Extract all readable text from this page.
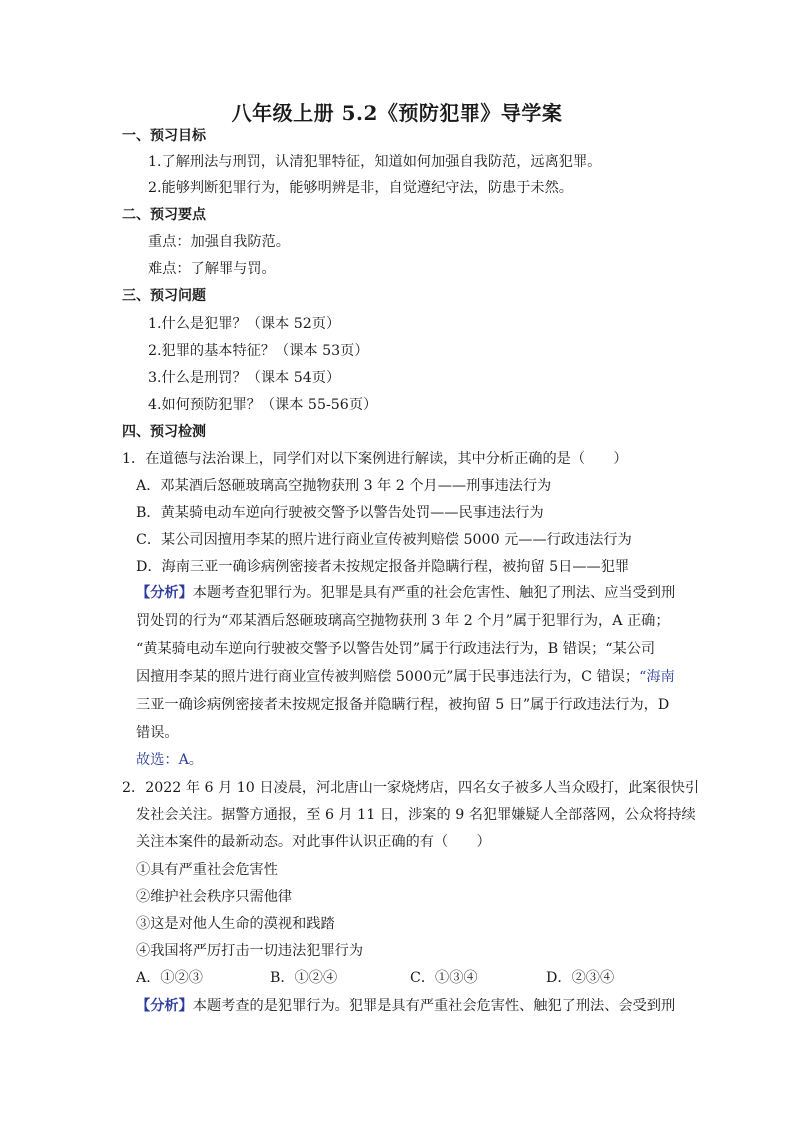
八年级上册 5.2《预防犯罪》导学案
一、预习目标
1.了解刑法与刑罚，认清犯罪特征，知道如何加强自我防范，远离犯罪。
2.能够判断犯罪行为，能够明辨是非，自觉遵纪守法，防患于未然。
二、预习要点
重点：加强自我防范。
难点：了解罪与罚。
三、预习问题
1.什么是犯罪？（课本 52页）
2.犯罪的基本特征？（课本 53页）
3.什么是刑罚？（课本 54页）
4.如何预防犯罪？（课本 55-56页）
四、预习检测
1．在道德与法治课上，同学们对以下案例进行解读，其中分析正确的是（　　）
A．邓某酒后怒砸玻璃高空抛物获刑 3 年 2 个月——刑事违法行为
B．黄某骑电动车逆向行驶被交警予以警告处罚——民事违法行为
C．某公司因擅用李某的照片进行商业宣传被判赔偿 5000 元——行政违法行为
D．海南三亚一确诊病例密接者未按规定报备并隐瞒行程，被拘留 5日——犯罪
【分析】本题考查犯罪行为。犯罪是具有严重的社会危害性、触犯了刑法、应当受到刑
罚处罚的行为“邓某酒后怒砸玻璃高空抛物获刑 3 年 2 个月”属于犯罪行为，A 正确；
“黄某骑电动车逆向行驶被交警予以警告处罚”属于行政违法行为，B 错误；“某公司
因擅用李某的照片进行商业宣传被判赔偿 5000元”属于民事违法行为，C 错误；“海南
三亚一确诊病例密接者未按规定报备并隐瞒行程，被拘留 5 日”属于行政违法行为，D
错误。
故选：A。
2．2022 年 6 月 10 日凌晨，河北唐山一家烧烤店，四名女子被多人当众殴打，此案很快引
发社会关注。据警方通报，至 6 月 11 日，涉案的 9 名犯罪嫌疑人全部落网，公众将持续
关注本案件的最新动态。对此事件认识正确的有（　　）
①具有严重社会危害性
②维护社会秩序只需他律
③这是对他人生命的漠视和践踏
④我国将严厉打击一切违法犯罪行为
A．①②③	B．①②④	C．①③④	D．②③④
【分析】本题考查的是犯罪行为。犯罪是具有严重社会危害性、触犯了刑法、会受到刑
